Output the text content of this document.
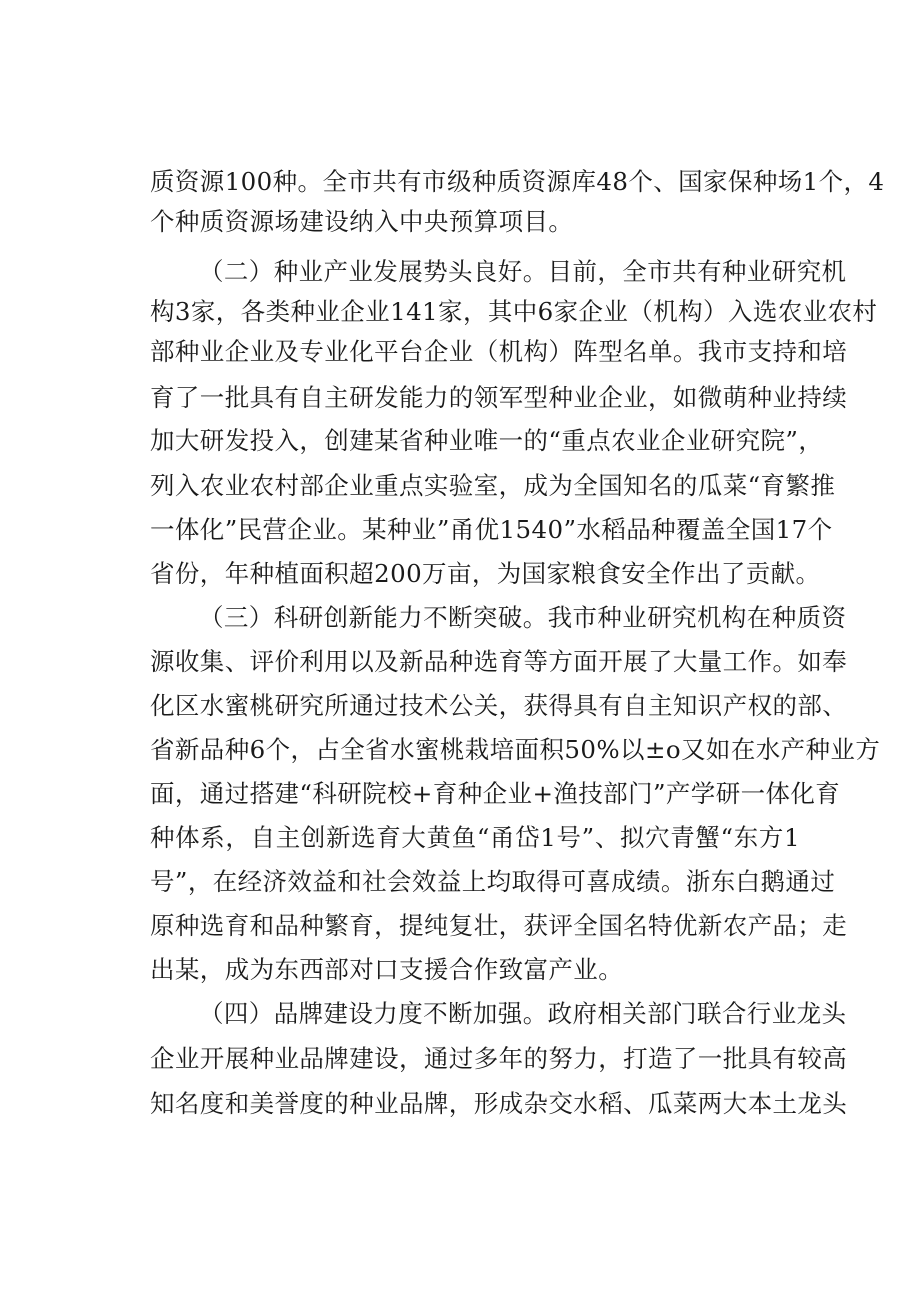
质资源100种。全市共有市级种质资源库48个、国家保种场1个，4
个种质资源场建设纳入中央预算项目。
（二）种业产业发展势头良好。目前，全市共有种业研究机
构3家，各类种业企业141家，其中6家企业（机构）入选农业农村
部种业企业及专业化平台企业（机构）阵型名单。我市支持和培
育了一批具有自主研发能力的领军型种业企业，如微萌种业持续
加大研发投入，创建某省种业唯一的“重点农业企业研究院”，
列入农业农村部企业重点实验室，成为全国知名的瓜菜“育繁推
一体化”民营企业。某种业”甬优1540”水稻品种覆盖全国17个
省份，年种植面积超200万亩，为国家粮食安全作出了贡献。
（三）科研创新能力不断突破。我市种业研究机构在种质资
源收集、评价利用以及新品种选育等方面开展了大量工作。如奉
化区水蜜桃研究所通过技术公关，获得具有自主知识产权的部、
省新品种6个，占全省水蜜桃栽培面积50%以±o又如在水产种业方
面，通过搭建“科研院校+育种企业+渔技部门”产学研一体化育
种体系，自主创新选育大黄鱼“甬岱1号”、拟穴青蟹“东方1
号”，在经济效益和社会效益上均取得可喜成绩。浙东白鹅通过
原种选育和品种繁育，提纯复壮，获评全国名特优新农产品；走
出某，成为东西部对口支援合作致富产业。
（四）品牌建设力度不断加强。政府相关部门联合行业龙头
企业开展种业品牌建设，通过多年的努力，打造了一批具有较高
知名度和美誉度的种业品牌，形成杂交水稻、瓜菜两大本土龙头
